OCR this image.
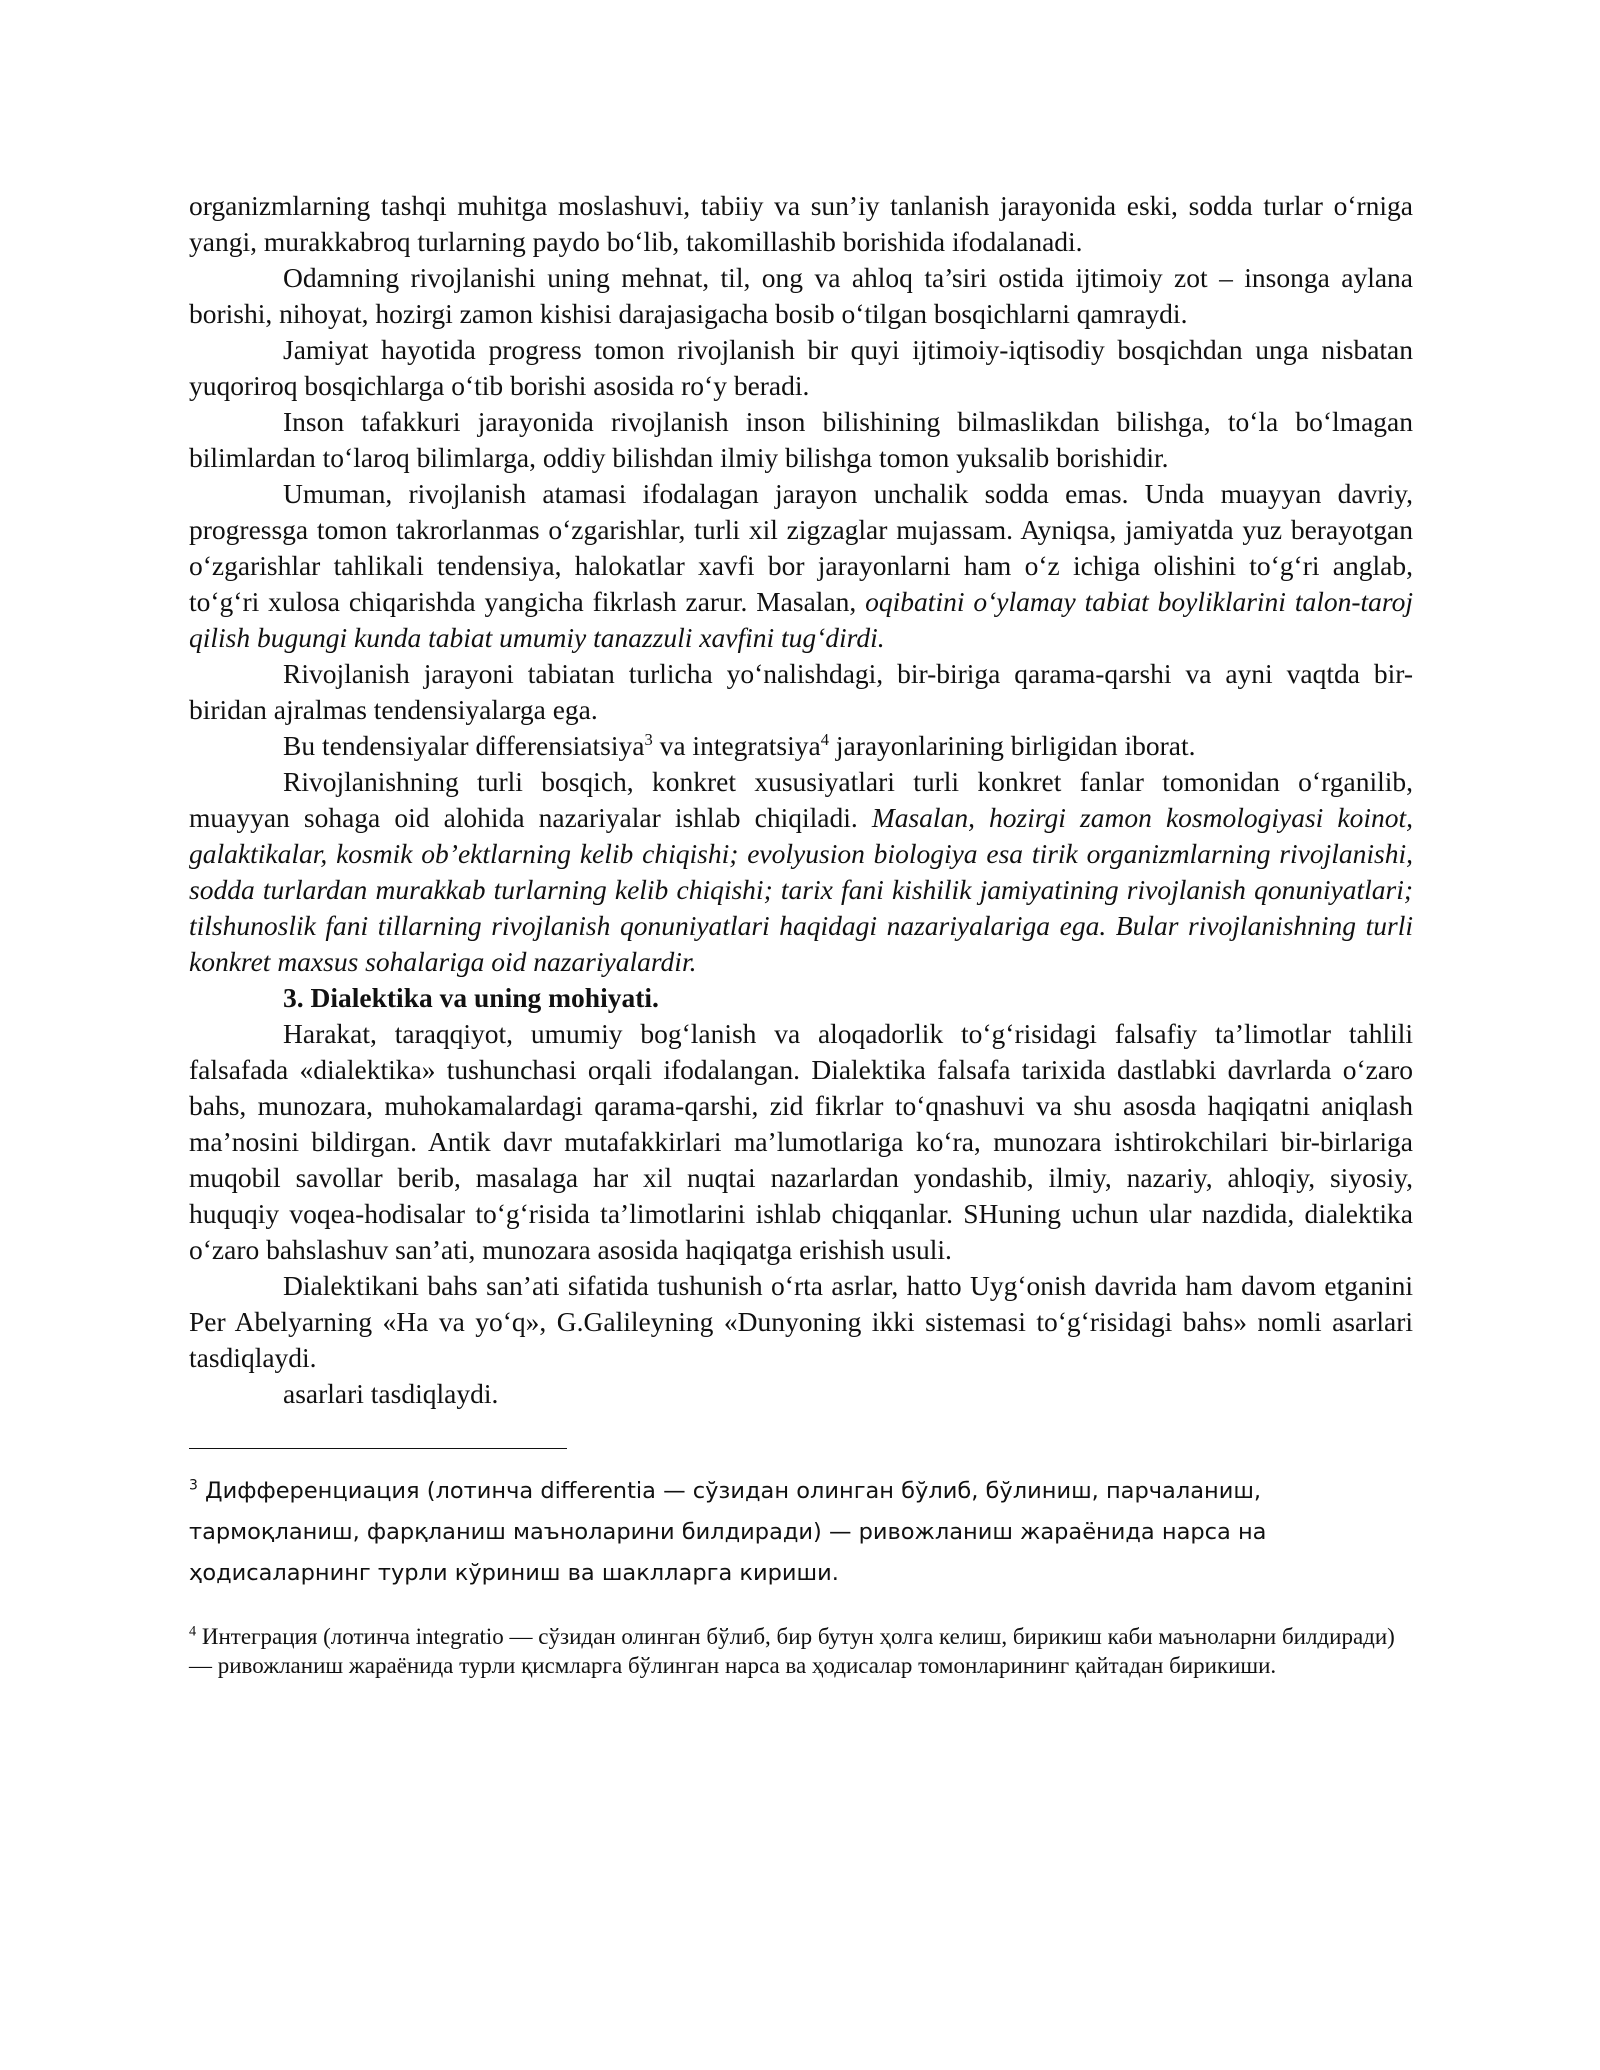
organizmlarning tashqi muhitga moslashuvi, tabiiy va sun’iy tanlanish jarayonida eski, sodda turlar o‘rniga yangi, murakkabroq turlarning paydo bo‘lib, takomillashib borishida ifodalanadi.

Odamning rivojlanishi uning mehnat, til, ong va ahloq ta’siri ostida ijtimoiy zot – insonga aylana borishi, nihoyat, hozirgi zamon kishisi darajasigacha bosib o‘tilgan bosqichlarni qamraydi.

Jamiyat hayotida progress tomon rivojlanish bir quyi ijtimoiy-iqtisodiy bosqichdan unga nisbatan yuqoriroq bosqichlarga o‘tib borishi asosida ro‘y beradi.

Inson tafakkuri jarayonida rivojlanish inson bilishining bilmaslikdan bilishga, to‘la bo‘lmagan bilimlardan to‘laroq bilimlarga, oddiy bilishdan ilmiy bilishga tomon yuksalib borishidir.

Umuman, rivojlanish atamasi ifodalagan jarayon unchalik sodda emas. Unda muayyan davriy, progressga tomon takrorlanmas o‘zgarishlar, turli xil zigzaglar mujassam. Ayniqsa, jamiyatda yuz berayotgan o‘zgarishlar tahlikali tendensiya, halokatlar xavfi bor jarayonlarni ham o‘z ichiga olishini to‘g‘ri anglab, to‘g‘ri xulosa chiqarishda yangicha fikrlash zarur. Masalan, oqibatini o‘ylamay tabiat boyliklarini talon-taroj qilish bugungi kunda tabiat umumiy tanazzuli xavfini tug‘dirdi.

Rivojlanish jarayoni tabiatan turlicha yo‘nalishdagi, bir-biriga qarama-qarshi va ayni vaqtda bir-biridan ajralmas tendensiyalarga ega.

Bu tendensiyalar differensiatsiya$^3$ va integratsiya$^4$ jarayonlarining birligidan iborat.

Rivojlanishning turli bosqich, konkret xususiyatlari turli konkret fanlar tomonidan o‘rganilib, muayyan sohaga oid alohida nazariyalar ishlab chiqiladi. Masalan, hozirgi zamon kosmologiyasi koinot, galaktikalar, kosmik ob’ektlarning kelib chiqishi; evolyusion biologiya esa tirik organizmlarning rivojlanishi, sodda turlardan murakkab turlarning kelib chiqishi; tarix fani kishilik jamiyatining rivojlanish qonuniyatlari; tilshunoslik fani tillarning rivojlanish qonuniyatlari haqidagi nazariyalariga ega. Bular rivojlanishning turli konkret maxsus sohalariga oid nazariyalardir.

3. Dialektika va uning mohiyati.

Harakat, taraqqiyot, umumiy bog‘lanish va aloqadorlik to‘g‘risidagi falsafiy ta’limotlar tahlili falsafada «dialektika» tushunchasi orqali ifodalangan. Dialektika falsafa tarixida dastlabki davrlarda o‘zaro bahs, munozara, muhokamalardagi qarama-qarshi, zid fikrlar to‘qnashuvi va shu asosda haqiqatni aniqlash ma’nosini bildirgan. Antik davr mutafakkirlari ma’lumotlariga ko‘ra, munozara ishtirokchilari bir-birlariga muqobil savollar berib, masalaga har xil nuqtai nazarlardan yondashib, ilmiy, nazariy, ahloqiy, siyosiy, huquqiy voqea-hodisalar to‘g‘risida ta’limotlarini ishlab chiqqanlar. SHuning uchun ular nazdida, dialektika o‘zaro bahslashuv san’ati, munozara asosida haqiqatga erishish usuli.

Dialektikani bahs san’ati sifatida tushunish o‘rta asrlar, hatto Uyg‘onish davrida ham davom etganini Per Abelyarning «Ha va yo‘q», G.Galileyning «Dunyoning ikki sistemasi to‘g‘risidagi bahs» nomli asarlari tasdiqlaydi.

asarlari tasdiqlaydi.

$^3$ Дифференциация (лотинча differentia — сўзидан олинган бўлиб, бўлиниш, парчаланиш, тармоқланиш, фарқланиш маъноларини билдиради) — ривожланиш жараёнида нарса на ҳодисаларнинг турли кўриниш ва шаклларга кириши.

$^4$ Интеграция (лотинча integratio — сўзидан олинган бўлиб, бир бутун ҳолга келиш, бирикиш каби маъноларни билдиради) — ривожланиш жараёнида турли қисмларга бўлинган нарса ва ҳодисалар томонларининг қайтадан бирикиши.
